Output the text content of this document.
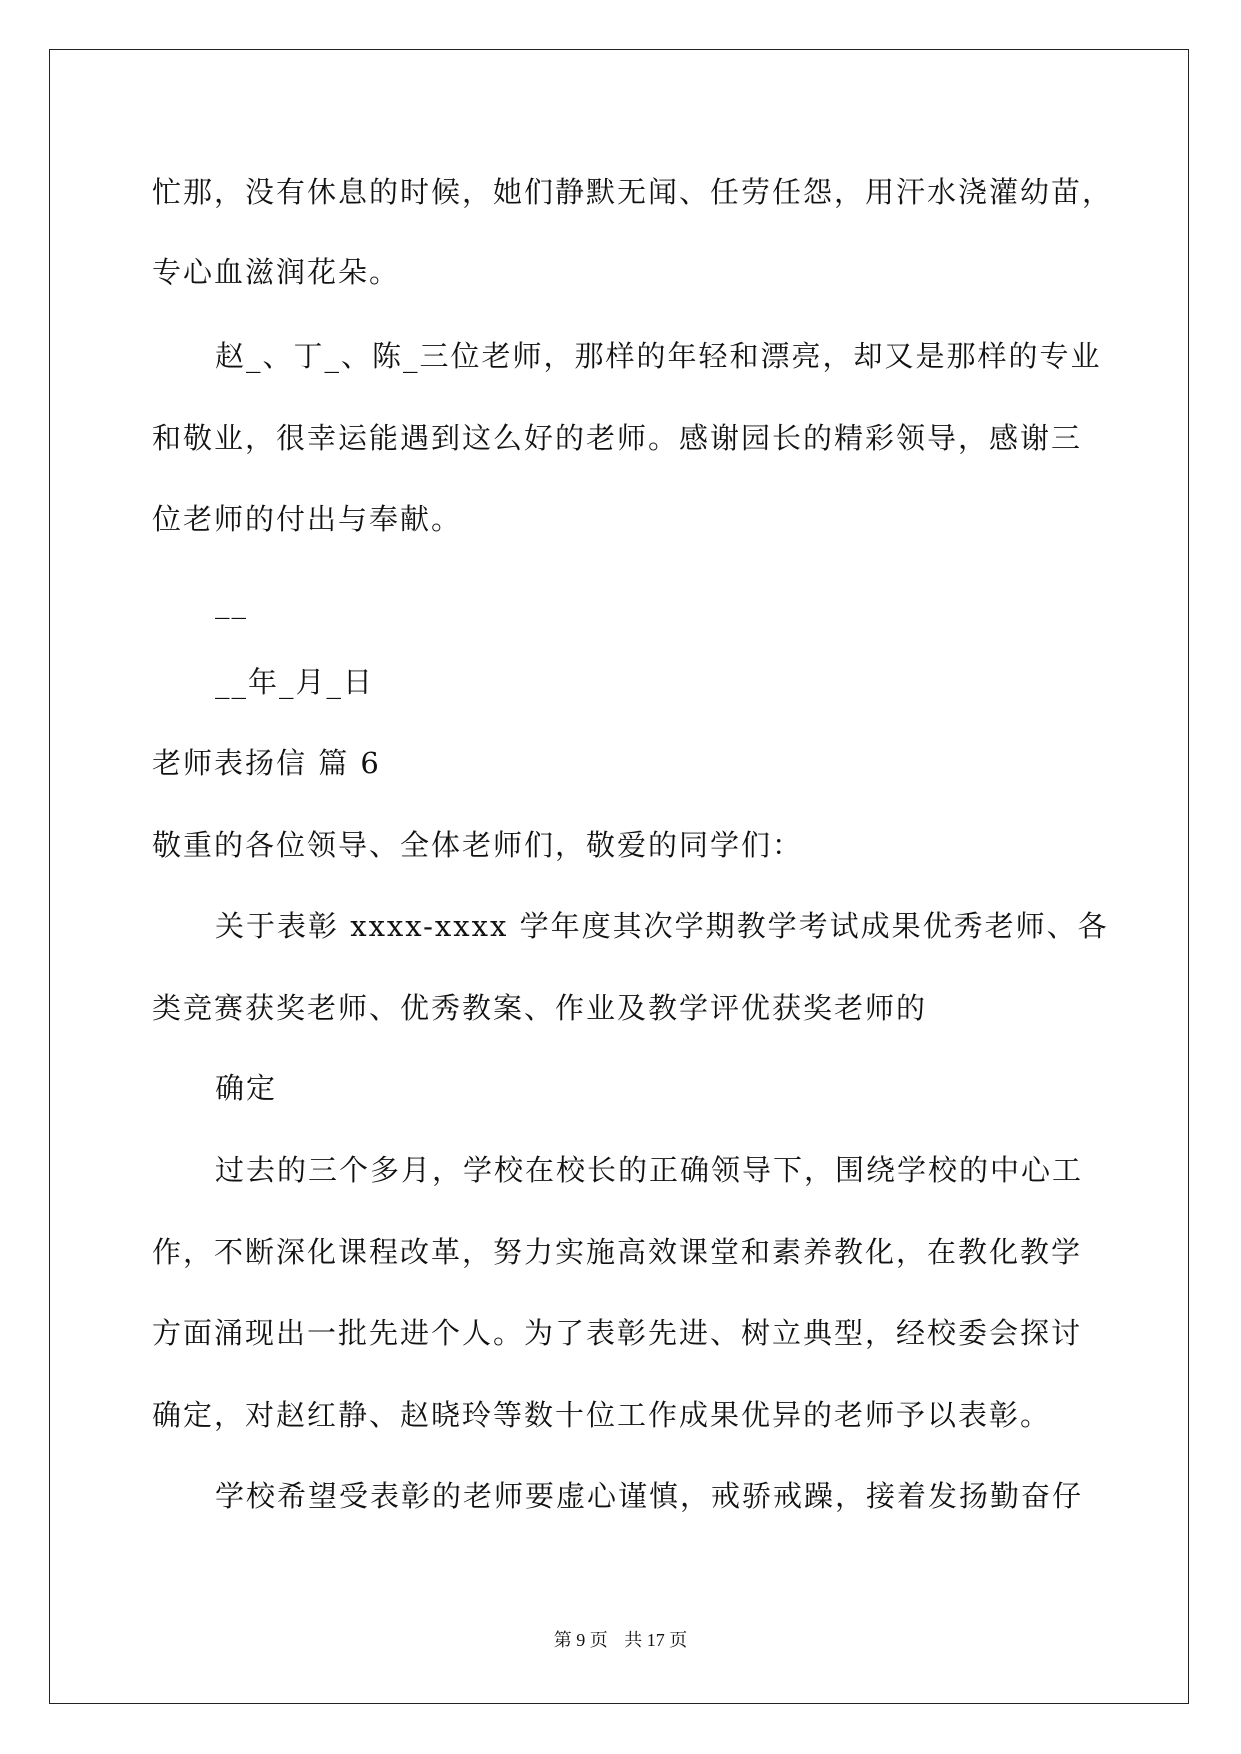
忙那，没有休息的时候，她们静默无闻、任劳任怨，用汗水浇灌幼苗，
专心血滋润花朵。
赵_、丁_、陈_三位老师，那样的年轻和漂亮，却又是那样的专业
和敬业，很幸运能遇到这么好的老师。感谢园长的精彩领导，感谢三
位老师的付出与奉献。
__
__年_月_日
老师表扬信 篇 6
敬重的各位领导、全体老师们，敬爱的同学们：
关于表彰 xxxx-xxxx 学年度其次学期教学考试成果优秀老师、各
类竞赛获奖老师、优秀教案、作业及教学评优获奖老师的
确定
过去的三个多月，学校在校长的正确领导下，围绕学校的中心工
作，不断深化课程改革，努力实施高效课堂和素养教化，在教化教学
方面涌现出一批先进个人。为了表彰先进、树立典型，经校委会探讨
确定，对赵红静、赵晓玲等数十位工作成果优异的老师予以表彰。
学校希望受表彰的老师要虚心谨慎，戒骄戒躁，接着发扬勤奋仔
第 9 页 共 17 页
